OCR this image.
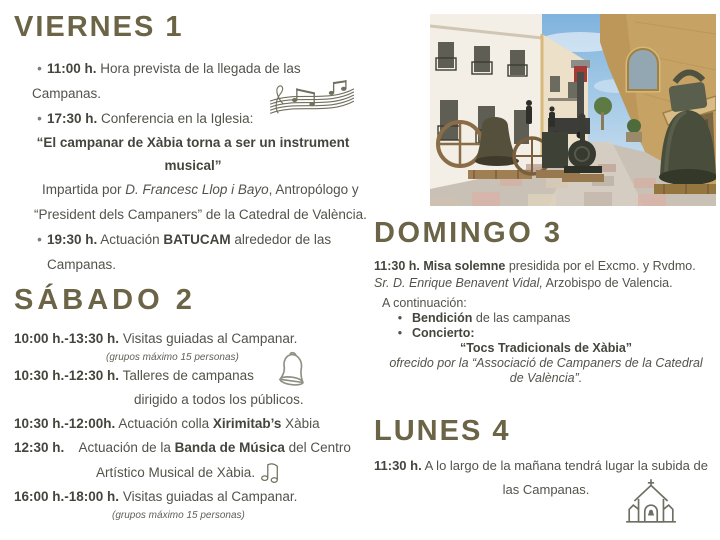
VIERNES 1
• 11:00 h. Hora prevista de la llegada de las Campanas.
• 17:30 h. Conferencia en la Iglesia:
“El campanar de Xàbia torna a ser un instrument
musical”
Impartida por D. Francesc Llop i Bayo, Antropólogo y
“President dels Campaners” de la Catedral de València.
• 19:30 h. Actuación BATUCAM alrededor de las
Campanas.
SÁBADO 2
10:00 h.-13:30 h. Visitas guiadas al Campanar.
(grupos máximo 15 personas)
10:30 h.-12:30 h. Talleres de campanas
dirigido a todos los públicos.
10:30 h.-12:00h. Actuación colla Xirimitab’s Xàbia
12:30 h. Actuación de la Banda de Música del Centro
Artístico Musical de Xàbia.
16:00 h.-18:00 h. Visitas guiadas al Campanar.
(grupos máximo 15 personas)
DOMINGO 3
11:30 h. Misa solemne presidida por el Excmo. y Rvdmo.
Sr. D. Enrique Benavent Vidal, Arzobispo de Valencia.
A continuación:
• Bendición de las campanas
• Concierto:
“Tocs Tradicionals de Xàbia”
ofrecido por la “Associació de Campaners de la Catedral
de València”.
LUNES 4
11:30 h. A lo largo de la mañana tendrá lugar la subida de
las Campanas.
